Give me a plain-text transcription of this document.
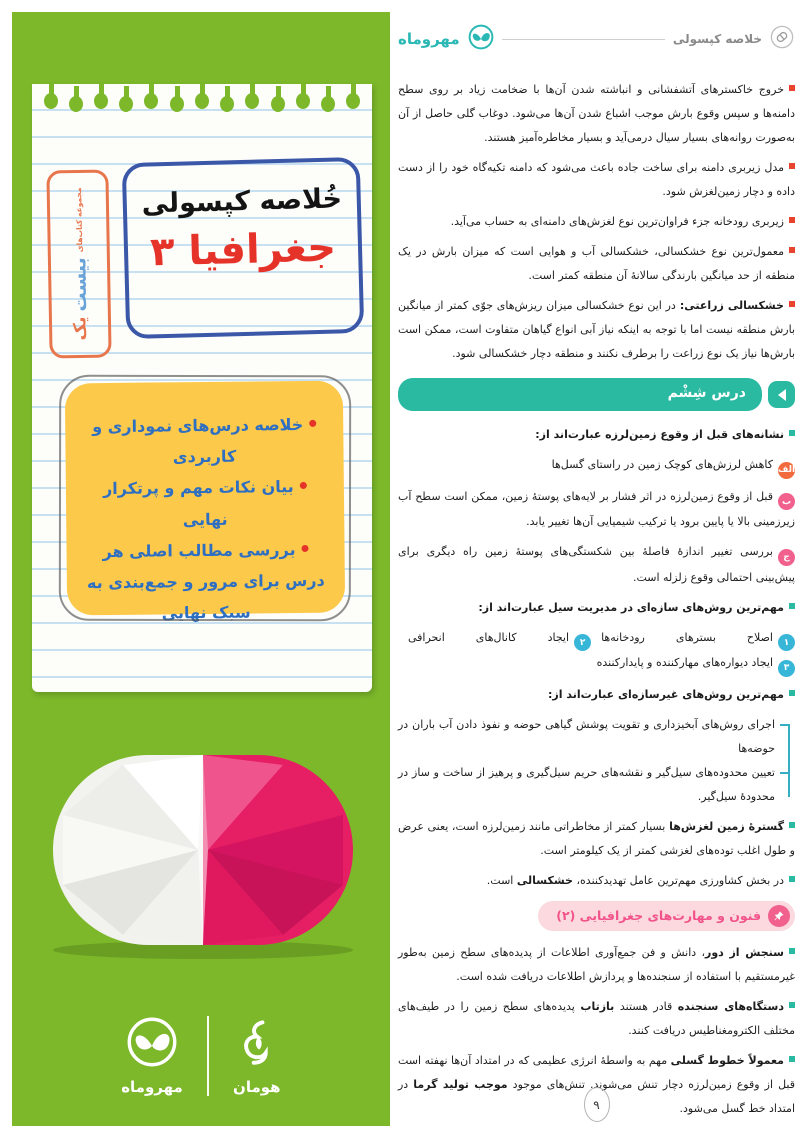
مجموعه کتاب‌های
بیست
یک
خُلاصه کپسولی
جغرافیا ۳
خلاصه درس‌های نموداری و کاربردی
بیان نکات مهم و پرتکرار نهایی
بررسی مطالب اصلی هر درس برای مرور و جمع‌بندی به سبک نهایی
مهروماه	هومان
خلاصه کپسولی
مهروماه

خروج خاکسترهای آتشفشانی و انباشته شدن آن‌ها با ضخامت زیاد بر روی سطح دامنه‌ها و سپس وقوع بارش موجب اشباع شدن آن‌ها می‌شود. دوغاب گلی حاصل از آن به‌صورت روانه‌های بسیار سیال درمی‌آید و بسیار مخاطره‌آمیز هستند.

مدل زیربری دامنه برای ساخت جاده باعث می‌شود که دامنه تکیه‌گاه خود را از دست داده و دچار زمین‌لغزش شود.

زیربری رودخانه جزء فراوان‌ترین نوع لغزش‌های دامنه‌ای به حساب می‌آید.

معمول‌ترین نوع خشکسالی، خشکسالی آب و هوایی است که میزان بارش در یک منطقه از حد میانگین بارندگی سالانهٔ آن منطقه کمتر است.

خشکسالی زراعتی: در این نوع خشکسالی میزان ریزش‌های جوّی کمتر از میانگین بارش منطقه نیست اما با توجه به اینکه نیاز آبی انواع گیاهان متفاوت است، ممکن است بارش‌ها نیاز یک نوع زراعت را برطرف نکنند و منطقه دچار خشکسالی شود.

درس شِشْم

نشانه‌های قبل از وقوع زمین‌لرزه عبارت‌اند از:

الفکاهش لرزش‌های کوچک زمین در راستای گسل‌ها

بقبل از وقوع زمین‌لرزه در اثر فشار بر لایه‌های پوستهٔ زمین، ممکن است سطح آب زیرزمینی بالا یا پایین برود یا ترکیب شیمیایی آن‌ها تغییر یابد.

جبررسی تغییر اندازهٔ فاصلهٔ بین شکستگی‌های پوستهٔ زمین راه دیگری برای پیش‌بینی احتمالی وقوع زلزله است.

مهم‌ترین روش‌های سازه‌ای در مدیریت سیل عبارت‌اند از:

۱اصلاح بسترهای رودخانه‌ها۲ایجاد کانال‌های انحرافی۳ایجاد دیواره‌های مهارکننده و پایدارکننده

مهم‌ترین روش‌های غیرسازه‌ای عبارت‌اند از:

اجرای روش‌های آبخیزداری و تقویت پوشش گیاهی حوضه و نفوذ دادن آب باران در حوضه‌ها

تعیین محدوده‌های سیل‌گیر و نقشه‌های حریم سیل‌گیری و پرهیز از ساخت و ساز در محدودهٔ سیل‌گیر.

گسترهٔ زمین لغزش‌ها بسیار کمتر از مخاطراتی مانند زمین‌لرزه است، یعنی عرض و طول اغلب توده‌های لغزشی کمتر از یک کیلومتر است.

در بخش کشاورزی مهم‌ترین عامل تهدیدکننده، خشکسالی است.

فنون و مهارت‌های جغرافیایی (۲)

سنجش از دور، دانش و فن جمع‌آوری اطلاعات از پدیده‌های سطح زمین به‌طور غیرمستقیم با استفاده از سنجنده‌ها و پردازش اطلاعات دریافت شده است.

دستگاه‌های سنجنده قادر هستند بازتاب پدیده‌های سطح زمین را در طیف‌های مختلف الکترومغناطیس دریافت کنند.

معمولاً خطوط گسلی مهم به واسطهٔ انرژی عظیمی که در امتداد آن‌ها نهفته است قبل از وقوع زمین‌لرزه دچار تنش می‌شوند. تنش‌های موجود موجب تولید گرما در امتداد خط گسل می‌شود.

۹
